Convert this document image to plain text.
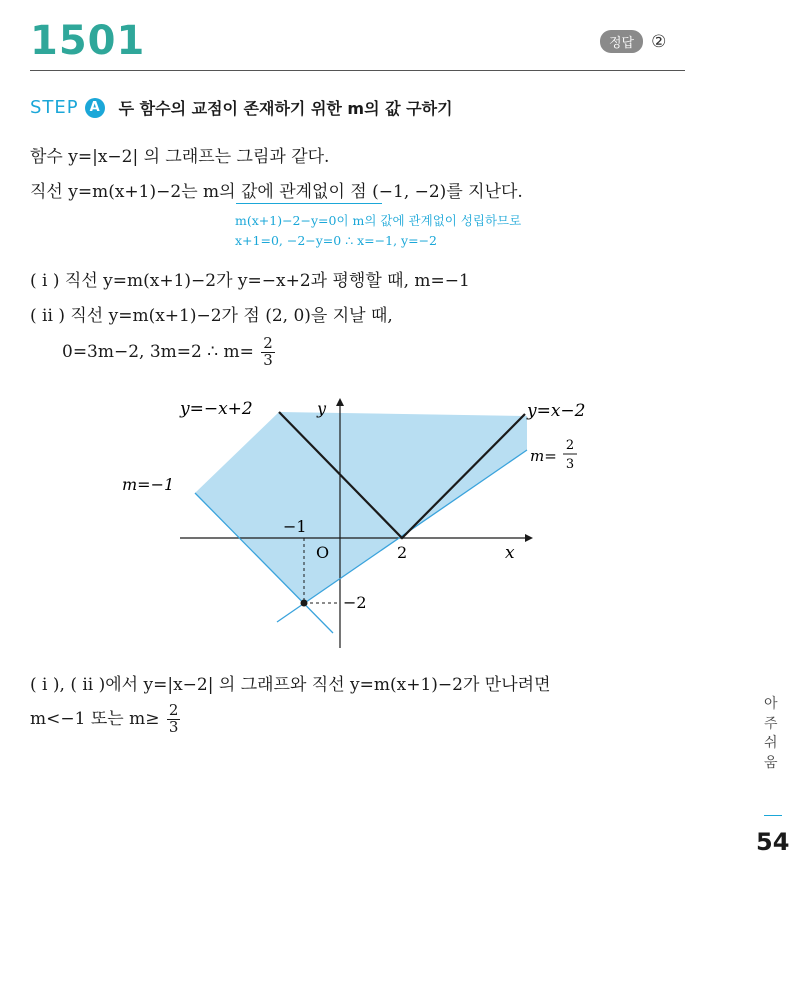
1501	정답	②
STEP A	두 함수의 교점이 존재하기 위한 m의 값 구하기
함수 y=|x−2| 의 그래프는 그림과 같다.
직선 y=m(x+1)−2는 m의 값에 관계없이 점 (−1, −2)를 지난다.
m(x+1)−2−y=0이 m의 값에 관계없이 성립하므로
x+1=0, −2−y=0 ∴ x=−1, y=−2
( i ) 직선 y=m(x+1)−2가 y=−x+2과 평행할 때, m=−1
( ii ) 직선 y=m(x+1)−2가 점 (2, 0)을 지날 때,
0=3m−2, 3m=2 ∴ $m= \frac{2}{3}$
y=−x+2	y=x−2
y
x
m=−1
m=
2
3
O
−1
2
−2
( i ), ( ii )에서 y=|x−2| 의 그래프와 직선 y=m(x+1)−2가 만나려면
m<−1 또는 $m\ge \frac{2}{3}$	아주 쉬움
54
